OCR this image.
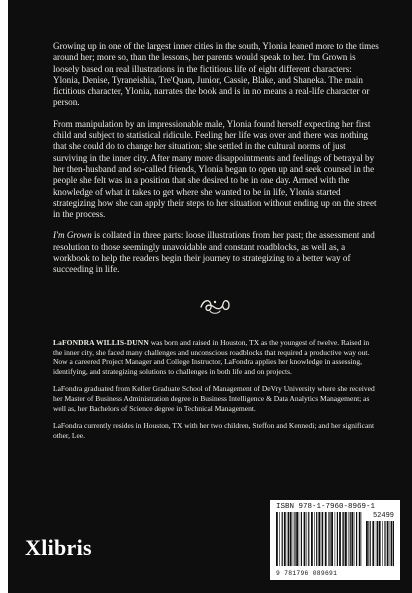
Growing up in one of the largest inner cities in the south, Ylonia leaned more to the times around her; more so, than the lessons, her parents would speak to her. I'm Grown is loosely based on real illustrations in the fictitious life of eight different characters: Ylonia, Denise, Tyraneishia, Tre'Quan, Junior, Cassie, Blake, and Shaneka. The main fictitious character, Ylonia, narrates the book and is in no means a real-life character or person.

From manipulation by an impressionable male, Ylonia found herself expecting her first child and subject to statistical ridicule. Feeling her life was over and there was nothing that she could do to change her situation; she settled in the cultural norms of just surviving in the inner city. After many more disappointments and feelings of betrayal by her then-husband and so-called friends, Ylonia began to open up and seek counsel in the people she felt was in a position that she desired to be in one day. Armed with the knowledge of what it takes to get where she wanted to be in life, Ylonia started strategizing how she can apply their steps to her situation without ending up on the street in the process.

I'm Grown is collated in three parts: loose illustrations from her past; the assessment and resolution to those seemingly unavoidable and constant roadblocks, as well as, a workbook to help the readers begin their journey to strategizing to a better way of succeeding in life.

LaFONDRA WILLIS-DUNN was born and raised in Houston, TX as the youngest of twelve. Raised in the inner city, she faced many challenges and unconscious roadblocks that required a productive way out. Now a careered Project Manager and College Instructor, LaFondra applies her knowledge in assessing, identifying, and strategizing solutions to challenges in both life and on projects.

LaFondra graduated from Keller Graduate School of Management of DeVry University where she received her Master of Business Administration degree in Business Intelligence & Data Analytics Management; as well as, her Bachelors of Science degree in Technical Management.

LaFondra currently resides in Houston, TX with her two children, Steffon and Kennedi; and her significant other, Lee.

Xlibris
ISBN 978-1-7960-8969-1
52499
9 781796 089691
